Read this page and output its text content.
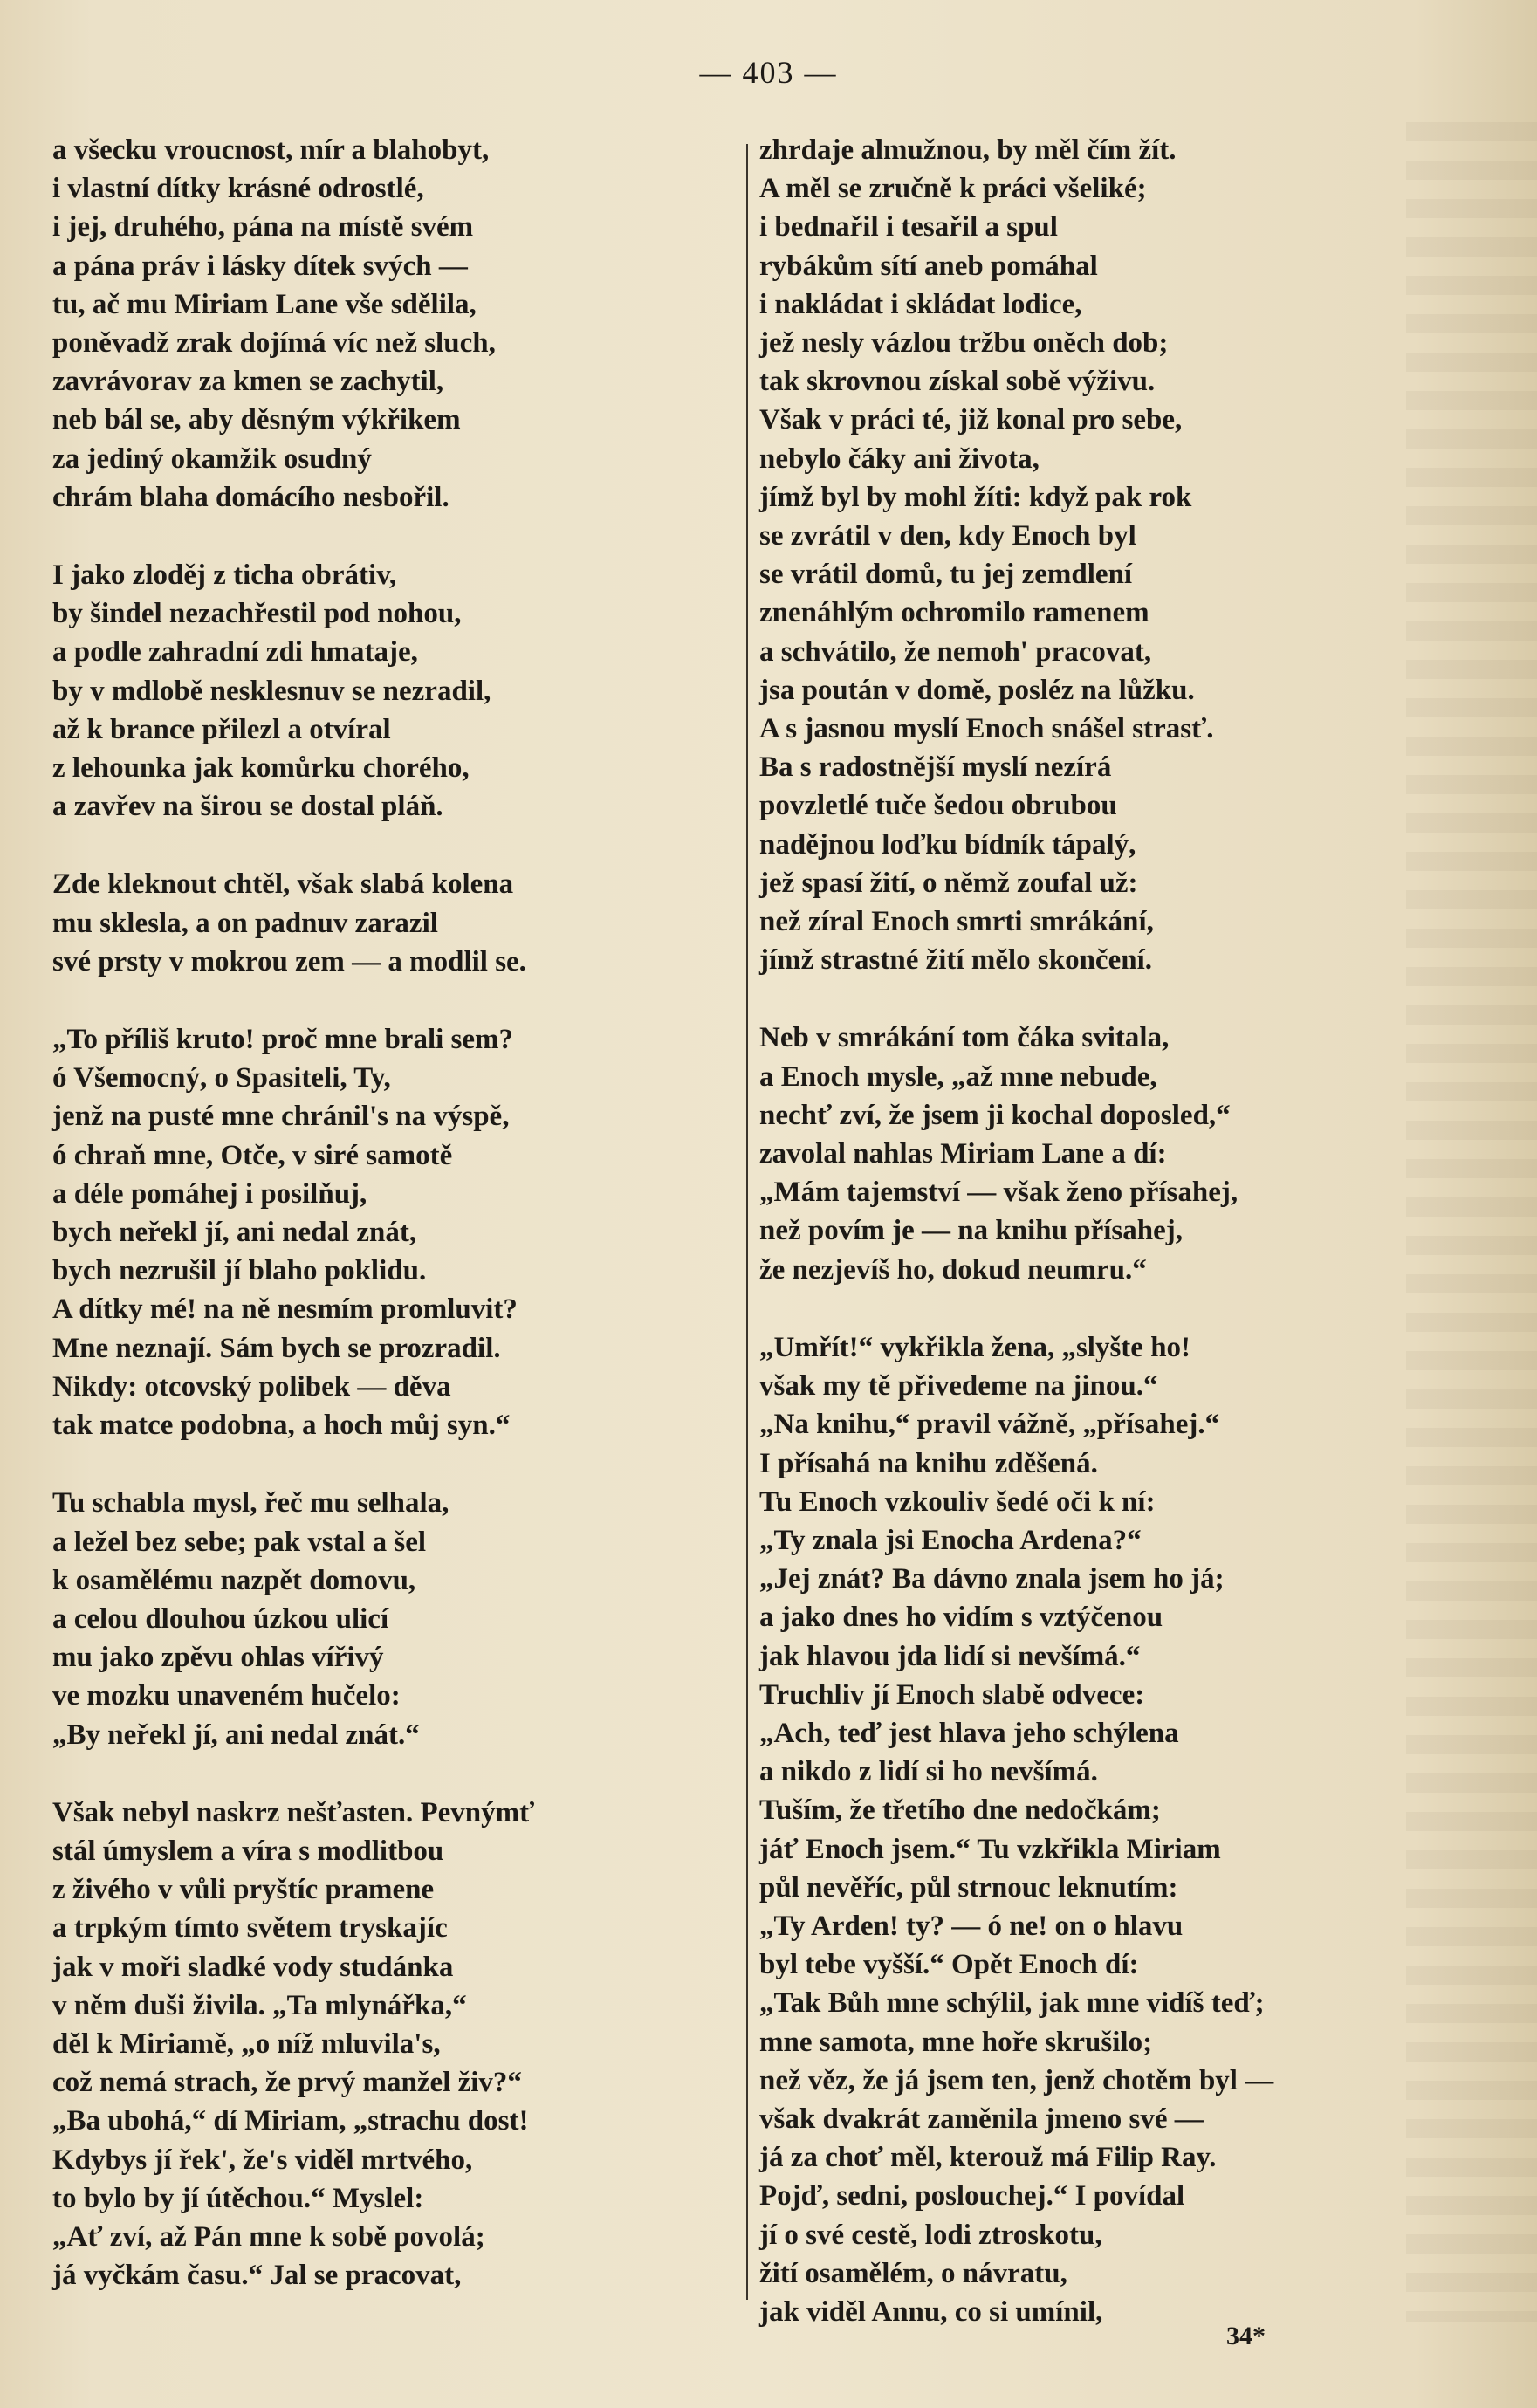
— 403 —
a všecku vroucnost, mír a blahobyt,
i vlastní dítky krásné odrostlé,
i jej, druhého, pána na místě svém
a pána práv i lásky dítek svých —
tu, ač mu Miriam Lane vše sdělila,
poněvadž zrak dojímá víc než sluch,
zavrávorav za kmen se zachytil,
neb bál se, aby děsným výkřikem
za jediný okamžik osudný
chrám blaha domácího nesbořil.
I jako zloděj z ticha obrátiv,
by šindel nezachřestil pod nohou,
a podle zahradní zdi hmataje,
by v mdlobě nesklesnuv se nezradil,
až k brance přilezl a otvíral
z lehounka jak komůrku chorého,
a zavřev na širou se dostal pláň.
Zde kleknout chtěl, však slabá kolena
mu sklesla, a on padnuv zarazil
své prsty v mokrou zem — a modlil se.
„To příliš kruto! proč mne brali sem?
ó Všemocný, o Spasiteli, Ty,
jenž na pusté mne chránil's na výspě,
ó chraň mne, Otče, v siré samotě
a déle pomáhej i posilňuj,
bych neřekl jí, ani nedal znát,
bych nezrušil jí blaho poklidu.
A dítky mé! na ně nesmím promluvit?
Mne neznají. Sám bych se prozradil.
Nikdy: otcovský polibek — děva
tak matce podobna, a hoch můj syn.“
Tu schabla mysl, řeč mu selhala,
a ležel bez sebe; pak vstal a šel
k osamělému nazpět domovu,
a celou dlouhou úzkou ulicí
mu jako zpěvu ohlas vířivý
ve mozku unaveném hučelo:
„By neřekl jí, ani nedal znát.“
Však nebyl naskrz nešťasten. Pevnýmť
stál úmyslem a víra s modlitbou
z živého v vůli pryštíc pramene
a trpkým tímto světem tryskajíc
jak v moři sladké vody studánka
v něm duši živila. „Ta mlynářka,“
děl k Miriamě, „o níž mluvila's,
což nemá strach, že prvý manžel živ?“
„Ba ubohá,“ dí Miriam, „strachu dost!
Kdybys jí řek', že's viděl mrtvého,
to bylo by jí útěchou.“ Myslel:
„Ať zví, až Pán mne k sobě povolá;
já vyčkám času.“ Jal se pracovat,
zhrdaje almužnou, by měl čím žít.
A měl se zručně k práci všeliké;
i bednařil i tesařil a spul
rybákům sítí aneb pomáhal
i nakládat i skládat lodice,
jež nesly vázlou tržbu oněch dob;
tak skrovnou získal sobě výživu.
Však v práci té, již konal pro sebe,
nebylo čáky ani života,
jímž byl by mohl žíti: když pak rok
se zvrátil v den, kdy Enoch byl
se vrátil domů, tu jej zemdlení
znenáhlým ochromilo ramenem
a schvátilo, že nemoh' pracovat,
jsa poután v domě, posléz na lůžku.
A s jasnou myslí Enoch snášel strasť.
Ba s radostnější myslí nezírá
povzletlé tuče šedou obrubou
nadějnou loďku bídník tápalý,
jež spasí žití, o němž zoufal už:
než zíral Enoch smrti smrákání,
jímž strastné žití mělo skončení.
Neb v smrákání tom čáka svitala,
a Enoch mysle, „až mne nebude,
nechť zví, že jsem ji kochal doposled,“
zavolal nahlas Miriam Lane a dí:
„Mám tajemství — však ženo přísahej,
než povím je — na knihu přísahej,
že nezjevíš ho, dokud neumru.“
„Umřít!“ vykřikla žena, „slyšte ho!
však my tě přivedeme na jinou.“
„Na knihu,“ pravil vážně, „přísahej.“
I přísahá na knihu zděšená.
Tu Enoch vzkouliv šedé oči k ní:
„Ty znala jsi Enocha Ardena?“
„Jej znát? Ba dávno znala jsem ho já;
a jako dnes ho vidím s vztýčenou
jak hlavou jda lidí si nevšímá.“
Truchliv jí Enoch slabě odvece:
„Ach, teď jest hlava jeho schýlena
a nikdo z lidí si ho nevšímá.
Tuším, že třetího dne nedočkám;
jáť Enoch jsem.“ Tu vzkřikla Miriam
půl nevěříc, půl strnouc leknutím:
„Ty Arden! ty? — ó ne! on o hlavu
byl tebe vyšší.“ Opět Enoch dí:
„Tak Bůh mne schýlil, jak mne vidíš teď;
mne samota, mne hoře skrušilo;
než věz, že já jsem ten, jenž chotěm byl —
však dvakrát zaměnila jmeno své —
já za choť měl, kterouž má Filip Ray.
Pojď, sedni, poslouchej.“ I povídal
jí o své cestě, lodi ztroskotu,
žití osamělém, o návratu,
jak viděl Annu, co si umínil,
34*
